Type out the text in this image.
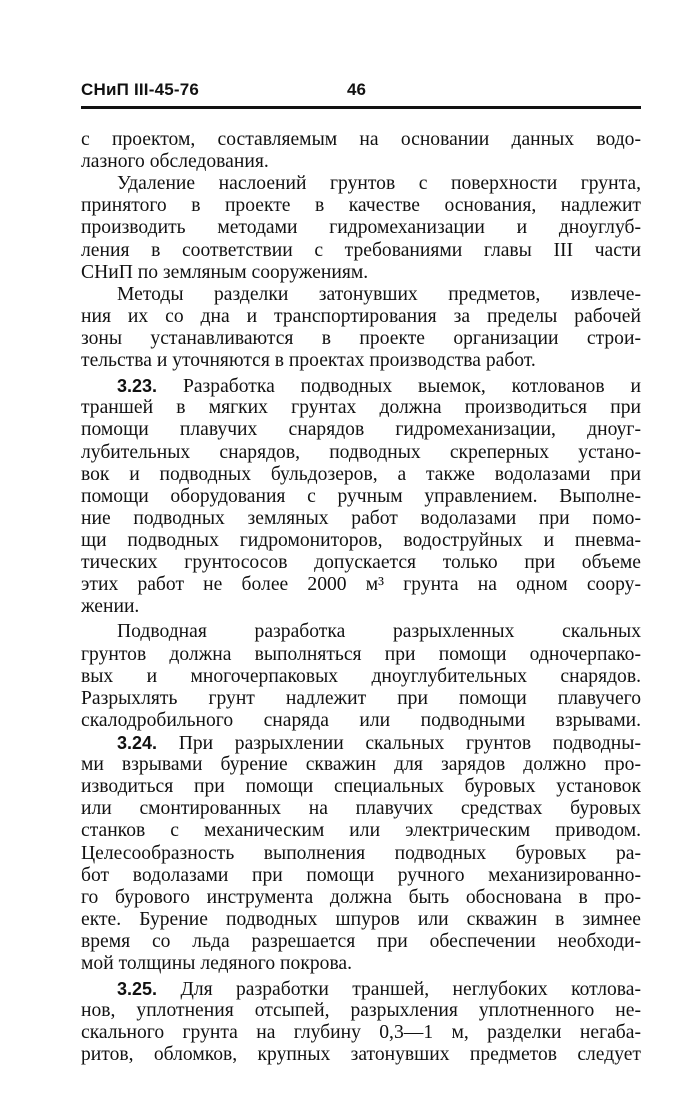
СНиП III-45-76	46
с проектом, составляемым на основании данных водо-
лазного обследования.
Удаление наслоений грунтов с поверхности грунта,
принятого в проекте в качестве основания, надлежит
производить методами гидромеханизации и дноуглуб-
ления в соответствии с требованиями главы III части
СНиП по земляным сооружениям.
Методы разделки затонувших предметов, извлече-
ния их со дна и транспортирования за пределы рабочей
зоны устанавливаются в проекте организации строи-
тельства и уточняются в проектах производства работ.
3.23. Разработка подводных выемок, котлованов и
траншей в мягких грунтах должна производиться при
помощи плавучих снарядов гидромеханизации, дноуг-
лубительных снарядов, подводных скреперных устано-
вок и подводных бульдозеров, а также водолазами при
помощи оборудования с ручным управлением. Выполне-
ние подводных земляных работ водолазами при помо-
щи подводных гидромониторов, водоструйных и пневма-
тических грунтососов допускается только при объеме
этих работ не более 2000 м³ грунта на одном соору-
жении.
Подводная разработка разрыхленных скальных
грунтов должна выполняться при помощи одночерпако-
вых и многочерпаковых дноуглубительных снарядов.
Разрыхлять грунт надлежит при помощи плавучего
скалодробильного снаряда или подводными взрывами.
3.24. При разрыхлении скальных грунтов подводны-
ми взрывами бурение скважин для зарядов должно про-
изводиться при помощи специальных буровых установок
или смонтированных на плавучих средствах буровых
станков с механическим или электрическим приводом.
Целесообразность выполнения подводных буровых ра-
бот водолазами при помощи ручного механизированно-
го бурового инструмента должна быть обоснована в про-
екте. Бурение подводных шпуров или скважин в зимнее
время со льда разрешается при обеспечении необходи-
мой толщины ледяного покрова.
3.25. Для разработки траншей, неглубоких котлова-
нов, уплотнения отсыпей, разрыхления уплотненного не-
скального грунта на глубину 0,3—1 м, разделки негаба-
ритов, обломков, крупных затонувших предметов следует
